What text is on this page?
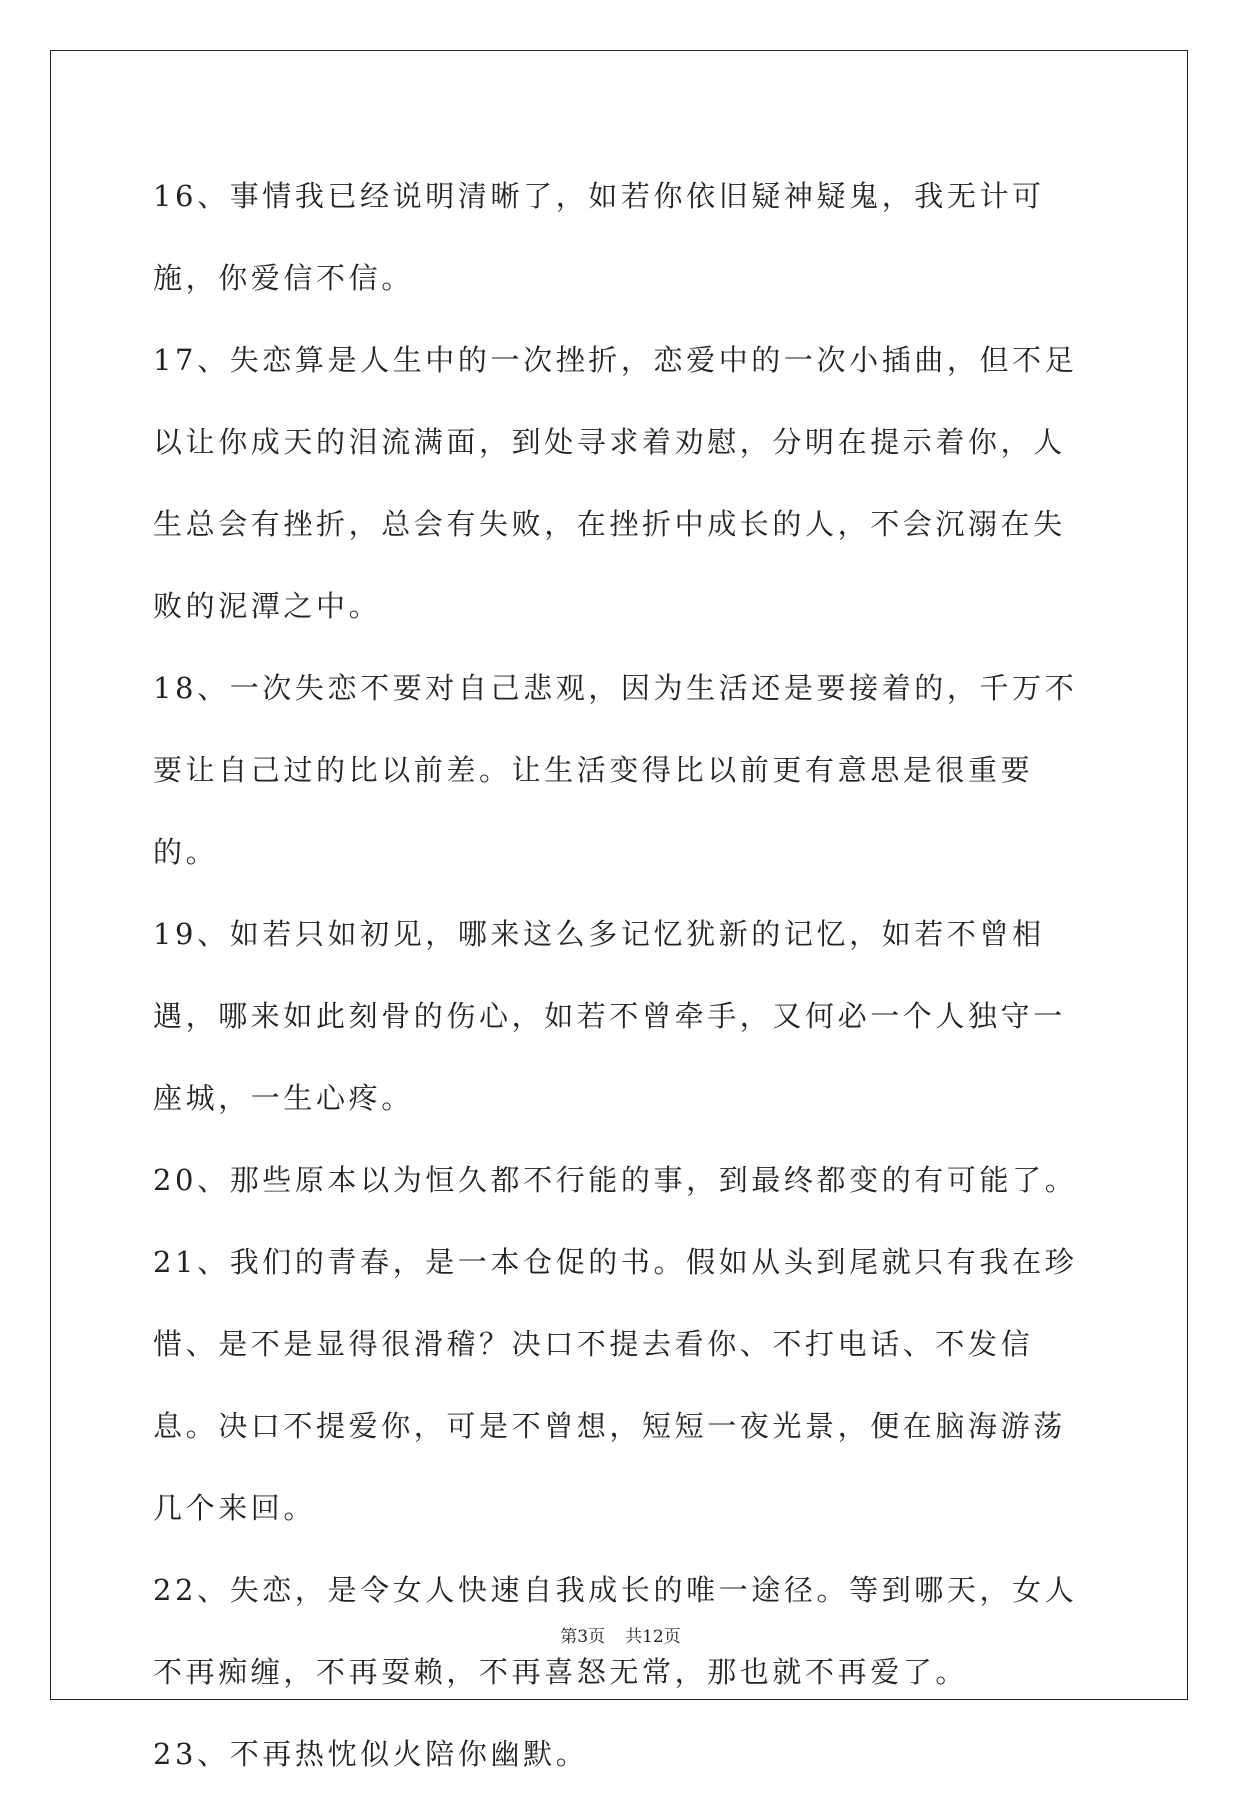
16、事情我已经说明清晰了，如若你依旧疑神疑鬼，我无计可施，你爱信不信。

17、失恋算是人生中的一次挫折，恋爱中的一次小插曲，但不足以让你成天的泪流满面，到处寻求着劝慰，分明在提示着你，人生总会有挫折，总会有失败，在挫折中成长的人，不会沉溺在失败的泥潭之中。

18、一次失恋不要对自己悲观，因为生活还是要接着的，千万不要让自己过的比以前差。让生活变得比以前更有意思是很重要的。

19、如若只如初见，哪来这么多记忆犹新的记忆，如若不曾相遇，哪来如此刻骨的伤心，如若不曾牵手，又何必一个人独守一座城，一生心疼。

20、那些原本以为恒久都不行能的事，到最终都变的有可能了。

21、我们的青春，是一本仓促的书。假如从头到尾就只有我在珍惜、是不是显得很滑稽？决口不提去看你、不打电话、不发信息。决口不提爱你，可是不曾想，短短一夜光景，便在脑海游荡几个来回。

22、失恋，是令女人快速自我成长的唯一途径。等到哪天，女人不再痴缠，不再耍赖，不再喜怒无常，那也就不再爱了。

23、不再热忱似火陪你幽默。

第3页 共12页
